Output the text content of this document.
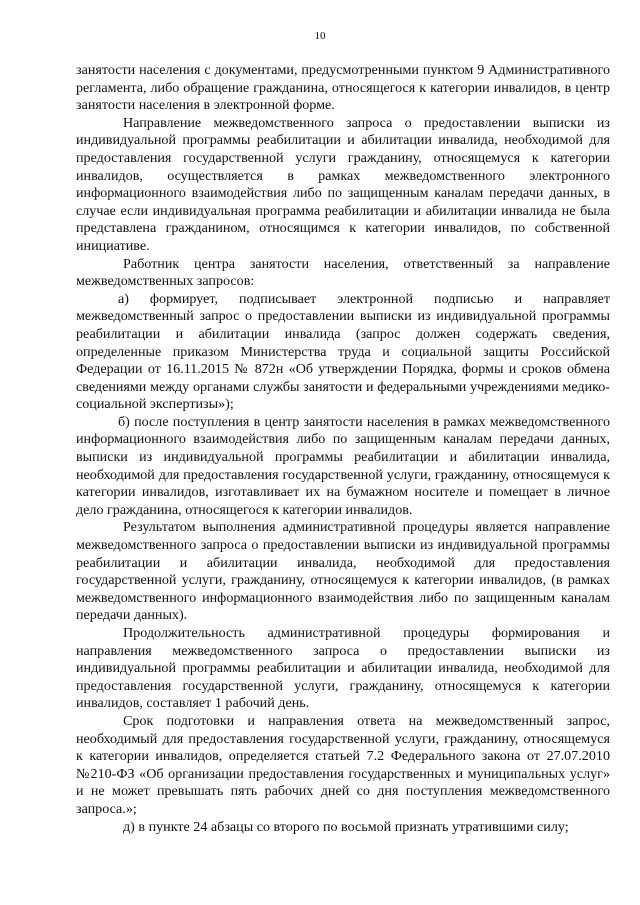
10

занятости населения с документами, предусмотренными пунктом 9 Административного регламента, либо обращение гражданина, относящегося к категории инвалидов, в центр занятости населения в электронной форме.

Направление межведомственного запроса о предоставлении выписки из индивидуальной программы реабилитации и абилитации инвалида, необходимой для предоставления государственной услуги гражданину, относящемуся к категории инвалидов, осуществляется в рамках межведомственного электронного информационного взаимодействия либо по защищенным каналам передачи данных, в случае если индивидуальная программа реабилитации и абилитации инвалида не была представлена гражданином, относящимся к категории инвалидов, по собственной инициативе.

Работник центра занятости населения, ответственный за направление межведомственных запросов:

а) формирует, подписывает электронной подписью и направляет межведомственный запрос о предоставлении выписки из индивидуальной программы реабилитации и абилитации инвалида (запрос должен содержать сведения, определенные приказом Министерства труда и социальной защиты Российской Федерации от 16.11.2015 № 872н «Об утверждении Порядка, формы и сроков обмена сведениями между органами службы занятости и федеральными учреждениями медико-социальной экспертизы»);

б) после поступления в центр занятости населения в рамках межведомственного информационного взаимодействия либо по защищенным каналам передачи данных, выписки из индивидуальной программы реабилитации и абилитации инвалида, необходимой для предоставления государственной услуги, гражданину, относящемуся к категории инвалидов, изготавливает их на бумажном носителе и помещает в личное дело гражданина, относящегося к категории инвалидов.

Результатом выполнения административной процедуры является направление межведомственного запроса о предоставлении выписки из индивидуальной программы реабилитации и абилитации инвалида, необходимой для предоставления государственной услуги, гражданину, относящемуся к категории инвалидов, (в рамках межведомственного информационного взаимодействия либо по защищенным каналам передачи данных).

Продолжительность административной процедуры формирования и направления межведомственного запроса о предоставлении выписки из индивидуальной программы реабилитации и абилитации инвалида, необходимой для предоставления государственной услуги, гражданину, относящемуся к категории инвалидов, составляет 1 рабочий день.

Срок подготовки и направления ответа на межведомственный запрос, необходимый для предоставления государственной услуги, гражданину, относящемуся к категории инвалидов, определяется статьей 7.2 Федерального закона от 27.07.2010 №210-ФЗ «Об организации предоставления государственных и муниципальных услуг» и не может превышать пять рабочих дней со дня поступления межведомственного запроса.»;

д) в пункте 24 абзацы со второго по восьмой признать утратившими силу;
